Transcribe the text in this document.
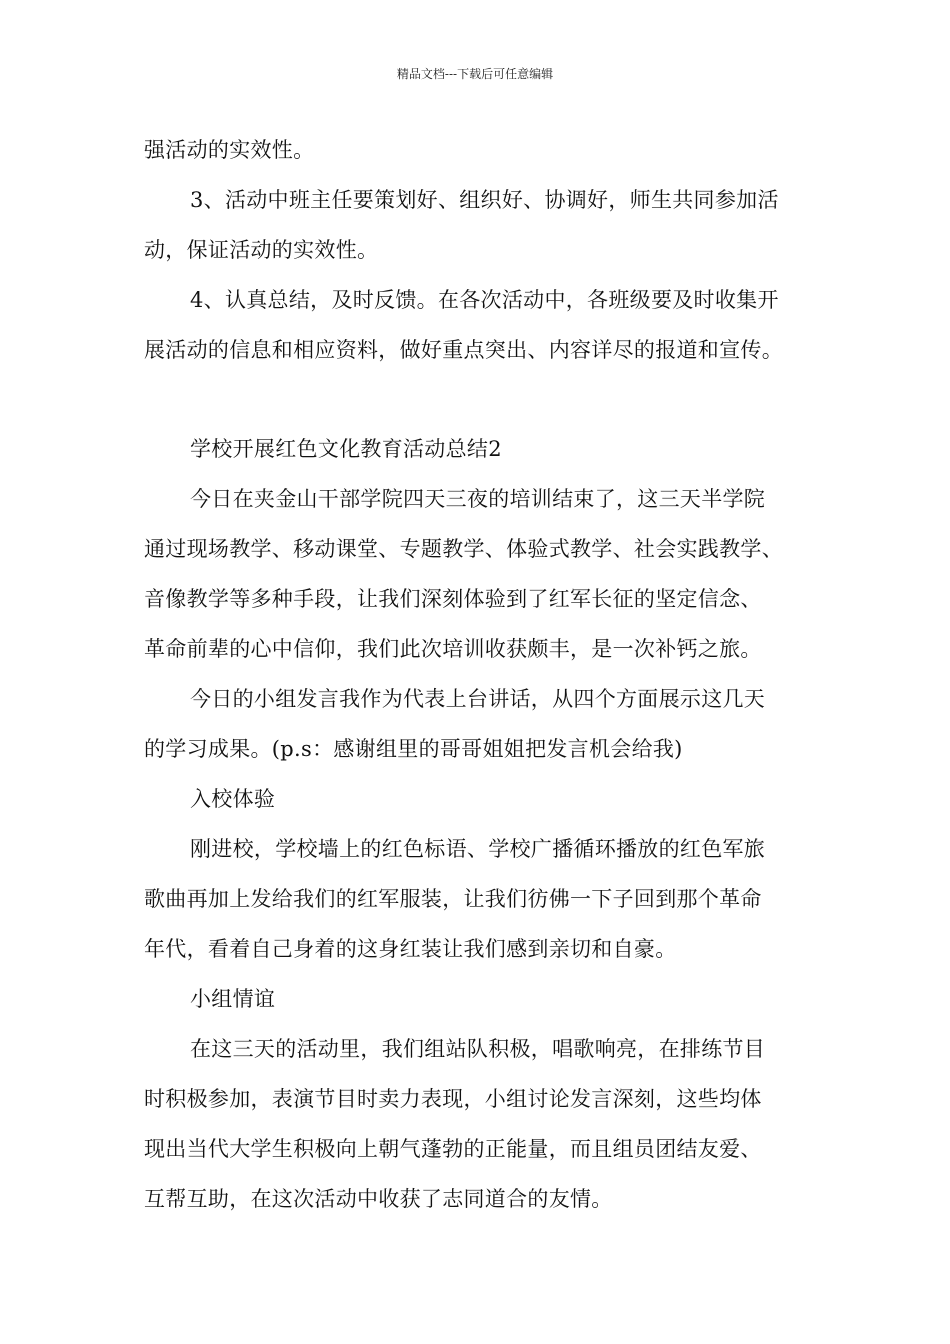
精品文档---下载后可任意编辑
强活动的实效性。
3、活动中班主任要策划好、组织好、协调好，师生共同参加活
动，保证活动的实效性。
4、认真总结，及时反馈。在各次活动中，各班级要及时收集开
展活动的信息和相应资料，做好重点突出、内容详尽的报道和宣传。
学校开展红色文化教育活动总结2
今日在夹金山干部学院四天三夜的培训结束了，这三天半学院
通过现场教学、移动课堂、专题教学、体验式教学、社会实践教学、
音像教学等多种手段，让我们深刻体验到了红军长征的坚定信念、
革命前辈的心中信仰，我们此次培训收获颇丰，是一次补钙之旅。
今日的小组发言我作为代表上台讲话，从四个方面展示这几天
的学习成果。(p.s：感谢组里的哥哥姐姐把发言机会给我)
入校体验
刚进校，学校墙上的红色标语、学校广播循环播放的红色军旅
歌曲再加上发给我们的红军服装，让我们彷佛一下子回到那个革命
年代，看着自己身着的这身红装让我们感到亲切和自豪。
小组情谊
在这三天的活动里，我们组站队积极，唱歌响亮，在排练节目
时积极参加，表演节目时卖力表现，小组讨论发言深刻，这些均体
现出当代大学生积极向上朝气蓬勃的正能量，而且组员团结友爱、
互帮互助，在这次活动中收获了志同道合的友情。
